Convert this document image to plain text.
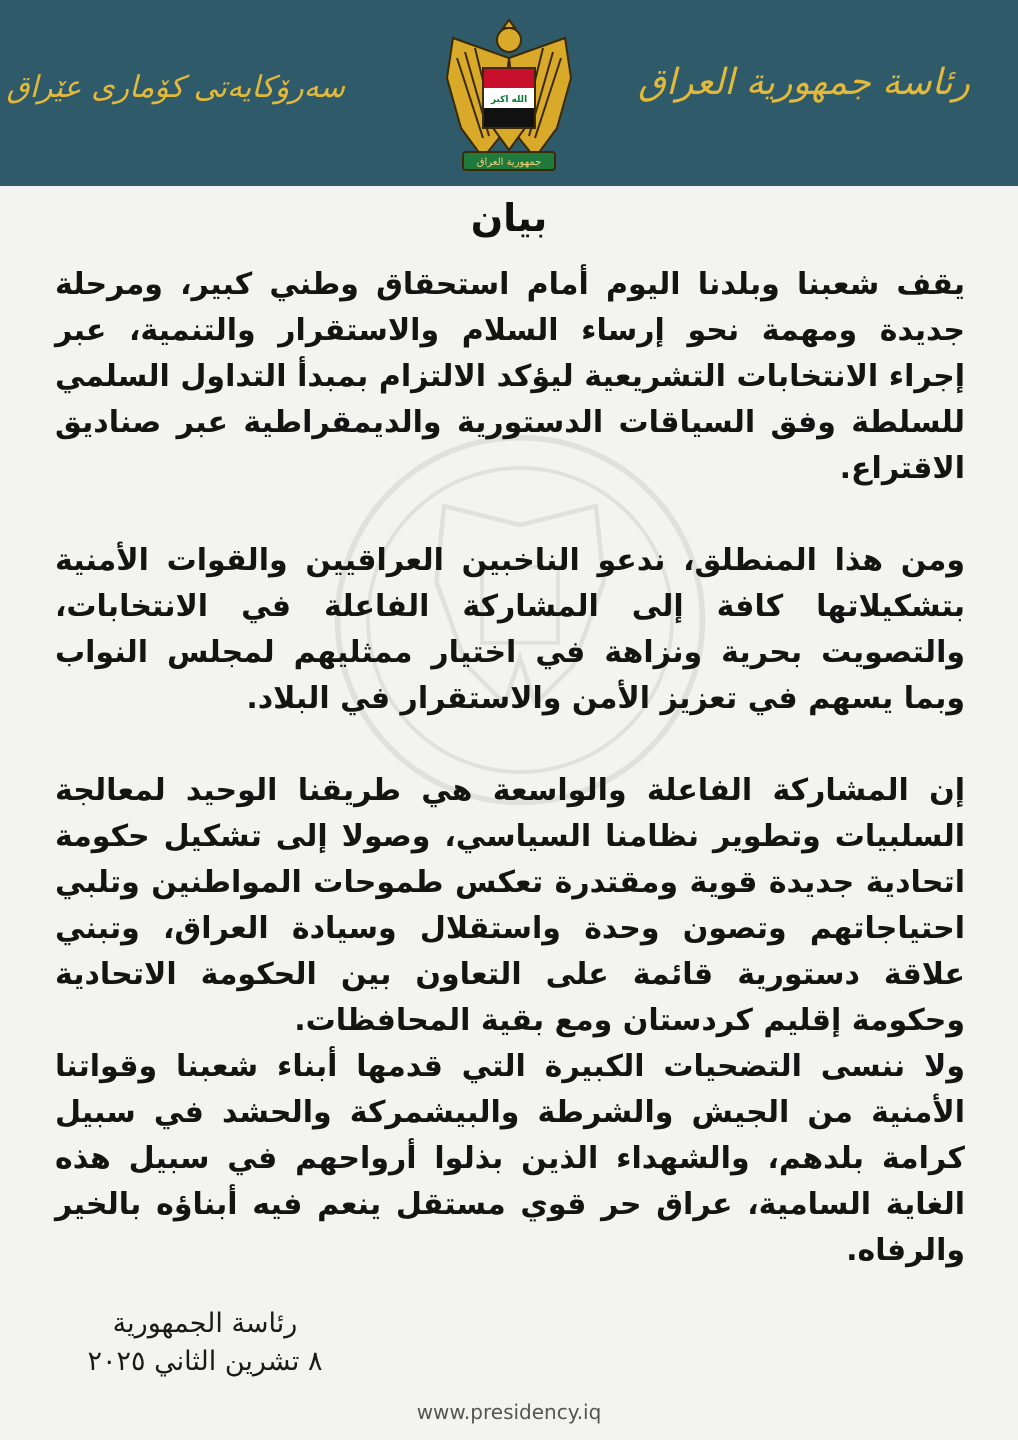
سەرۆکایەتی کۆماری عێراق	الله اكبر
جمهورية العراق
رئاسة جمهورية العراق
بيان

يقف شعبنا وبلدنا اليوم أمام استحقاق وطني كبير، ومرحلة جديدة ومهمة نحو إرساء السلام والاستقرار والتنمية، عبر إجراء الانتخابات التشريعية ليؤكد الالتزام بمبدأ التداول السلمي للسلطة وفق السياقات الدستورية والديمقراطية عبر صناديق الاقتراع.

ومن هذا المنطلق، ندعو الناخبين العراقيين والقوات الأمنية بتشكيلاتها كافة إلى المشاركة الفاعلة في الانتخابات، والتصويت بحرية ونزاهة في اختيار ممثليهم لمجلس النواب وبما يسهم في تعزيز الأمن والاستقرار في البلاد.

إن المشاركة الفاعلة والواسعة هي طريقنا الوحيد لمعالجة السلبيات وتطوير نظامنا السياسي، وصولا إلى تشكيل حكومة اتحادية جديدة قوية ومقتدرة تعكس طموحات المواطنين وتلبي احتياجاتهم وتصون وحدة واستقلال وسيادة العراق، وتبني علاقة دستورية قائمة على التعاون بين الحكومة الاتحادية وحكومة إقليم كردستان ومع بقية المحافظات.

ولا ننسى التضحيات الكبيرة التي قدمها أبناء شعبنا وقواتنا الأمنية من الجيش والشرطة والبيشمركة والحشد في سبيل كرامة بلدهم، والشهداء الذين بذلوا أرواحهم في سبيل هذه الغاية السامية، عراق حر قوي مستقل ينعم فيه أبناؤه بالخير والرفاه.

رئاسة الجمهورية
٨ تشرين الثاني ٢٠٢٥
www.presidency.iq
